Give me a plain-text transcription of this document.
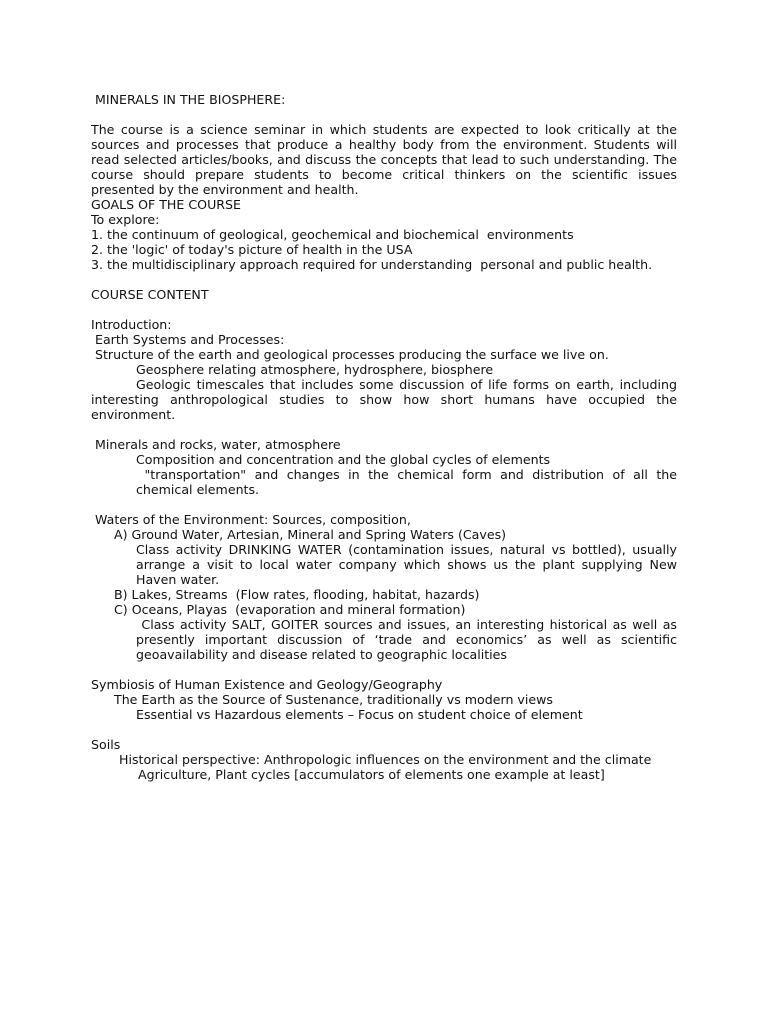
MINERALS IN THE BIOSPHERE:
The course is a science seminar in which students are expected to look critically at the sources and processes that produce a healthy body from the environment. Students will read selected articles/books, and discuss the concepts that lead to such understanding. The course should prepare students to become critical thinkers on the scientific issues presented by the environment and health.
GOALS OF THE COURSE
To explore:
1. the continuum of geological, geochemical and biochemical  environments
2. the 'logic' of today's picture of health in the USA
3. the multidisciplinary approach required for understanding  personal and public health.
COURSE CONTENT
Introduction:
Earth Systems and Processes:
Structure of the earth and geological processes producing the surface we live on.
Geosphere relating atmosphere, hydrosphere, biosphere
Geologic timescales that includes some discussion of life forms on earth, including interesting anthropological studies to show how short humans have occupied the environment.
Minerals and rocks, water, atmosphere
Composition and concentration and the global cycles of elements
"transportation" and changes in the chemical form and distribution of all the chemical elements.
Waters of the Environment: Sources, composition,
A) Ground Water, Artesian, Mineral and Spring Waters (Caves)
Class activity DRINKING WATER (contamination issues, natural vs bottled), usually arrange a visit to local water company which shows us the plant supplying New Haven water.
B) Lakes, Streams  (Flow rates, flooding, habitat, hazards)
C) Oceans, Playas  (evaporation and mineral formation)
Class activity SALT, GOITER sources and issues, an interesting historical as well as presently important discussion of ‘trade and economics’ as well as scientific geoavailability and disease related to geographic localities
Symbiosis of Human Existence and Geology/Geography
The Earth as the Source of Sustenance, traditionally vs modern views
Essential vs Hazardous elements – Focus on student choice of element
Soils
Historical perspective: Anthropologic influences on the environment and the climate
Agriculture, Plant cycles [accumulators of elements one example at least]
